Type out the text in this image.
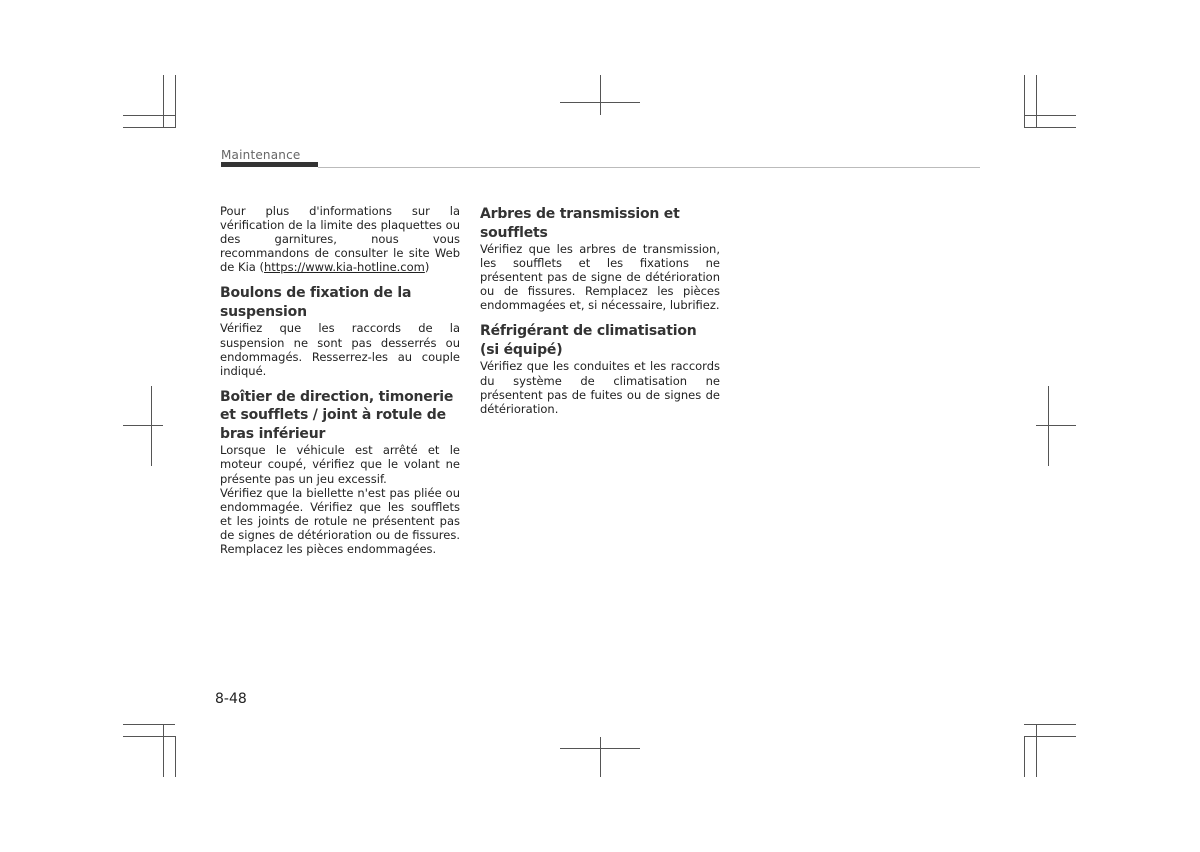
Maintenance

Pour plus d'informations sur la vérification de la limite des plaquettes ou des garnitures, nous vous recommandons de consulter le site Web de Kia (https://www.kia-hotline.com)

Boulons de fixation de la suspension

Vérifiez que les raccords de la suspension ne sont pas desserrés ou endommagés. Resserrez-les au couple indiqué.

Boîtier de direction, timonerie et soufflets / joint à rotule de bras inférieur

Lorsque le véhicule est arrêté et le moteur coupé, vérifiez que le volant ne présente pas un jeu excessif.

Vérifiez que la biellette n'est pas pliée ou endommagée. Vérifiez que les soufflets et les joints de rotule ne présentent pas de signes de détérioration ou de fissures. Remplacez les pièces endommagées.

Arbres de transmission et soufflets

Vérifiez que les arbres de transmission, les soufflets et les fixations ne présentent pas de signe de détérioration ou de fissures. Remplacez les pièces endommagées et, si nécessaire, lubrifiez.

Réfrigérant de climatisation (si équipé)

Vérifiez que les conduites et les raccords du système de climatisation ne présentent pas de fuites ou de signes de détérioration.

8-48
